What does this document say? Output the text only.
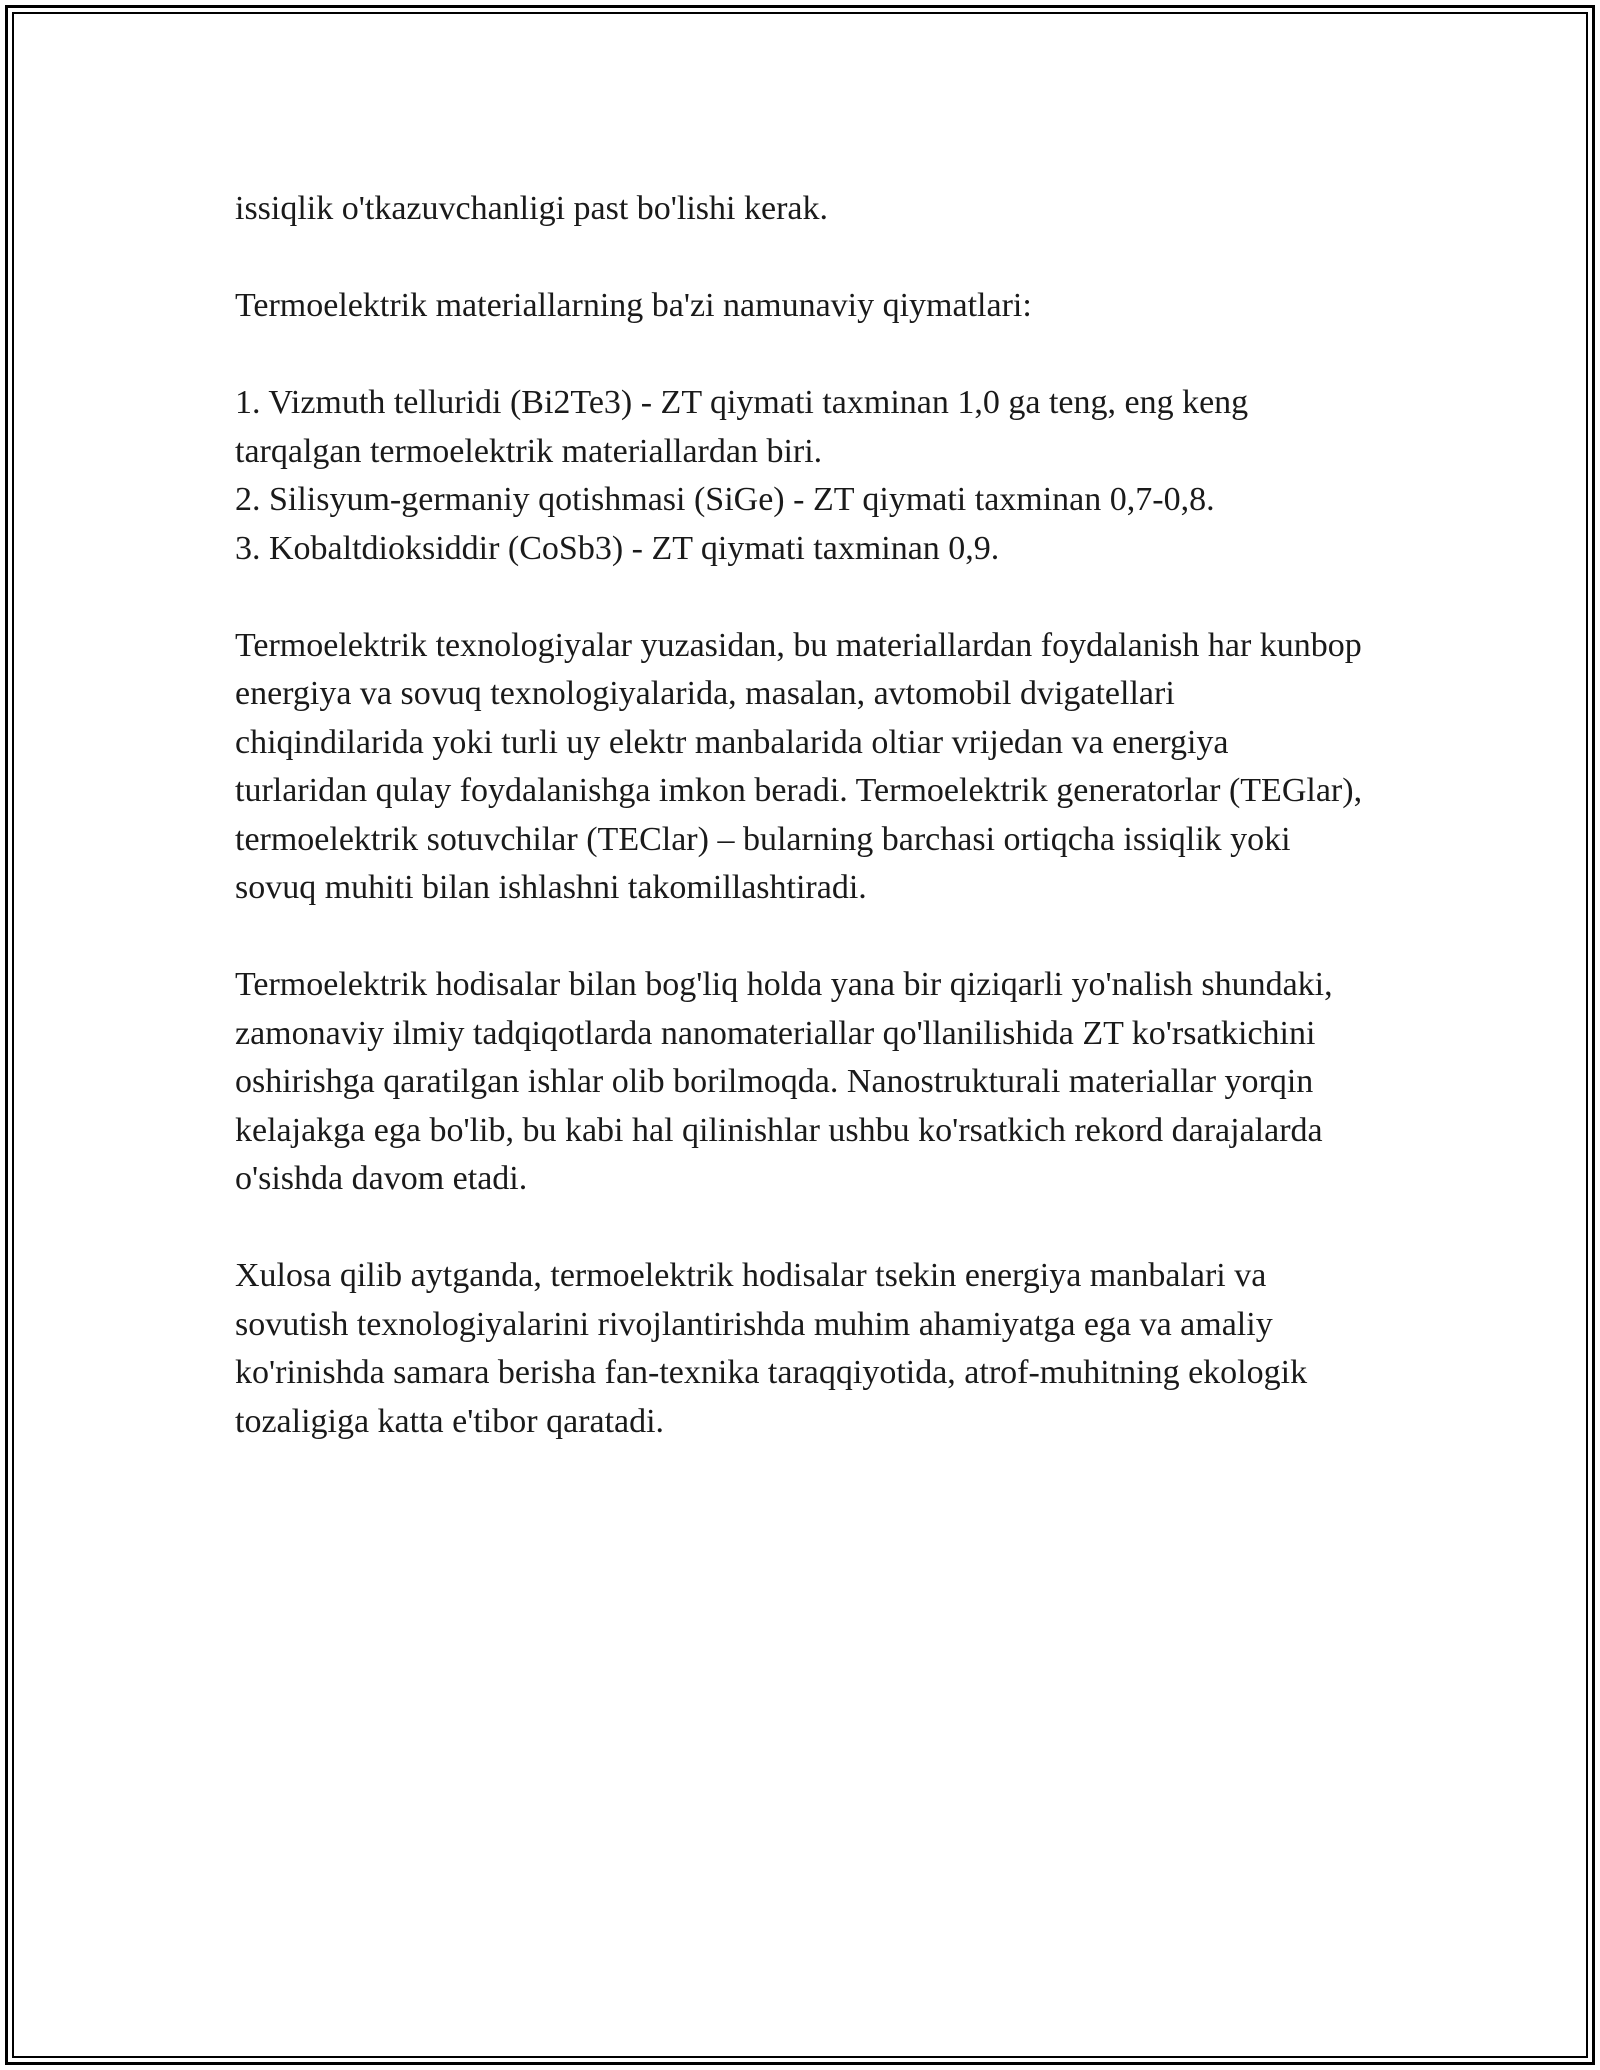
issiqlik o'tkazuvchanligi past bo'lishi kerak.

Termoelektrik materiallarning ba'zi namunaviy qiymatlari:

1. Vizmuth telluridi (Bi2Te3) - ZT qiymati taxminan 1,0 ga teng, eng keng tarqalgan termoelektrik materiallardan biri.

2. Silisyum-germaniy qotishmasi (SiGe) - ZT qiymati taxminan 0,7-0,8.

3. Kobaltdioksiddir (CoSb3) - ZT qiymati taxminan 0,9.

Termoelektrik texnologiyalar yuzasidan, bu materiallardan foydalanish har kunbop energiya va sovuq texnologiyalarida, masalan, avtomobil dvigatellari chiqindilarida yoki turli uy elektr manbalarida oltiar vrijedan va energiya turlaridan qulay foydalanishga imkon beradi. Termoelektrik generatorlar (TEGlar), termoelektrik sotuvchilar (TEClar) – bularning barchasi ortiqcha issiqlik yoki sovuq muhiti bilan ishlashni takomillashtiradi.

Termoelektrik hodisalar bilan bog'liq holda yana bir qiziqarli yo'nalish shundaki, zamonaviy ilmiy tadqiqotlarda nanomateriallar qo'llanilishida ZT ko'rsatkichini oshirishga qaratilgan ishlar olib borilmoqda. Nanostrukturali materiallar yorqin kelajakga ega bo'lib, bu kabi hal qilinishlar ushbu ko'rsatkich rekord darajalarda o'sishda davom etadi.

Xulosa qilib aytganda, termoelektrik hodisalar tsekin energiya manbalari va sovutish texnologiyalarini rivojlantirishda muhim ahamiyatga ega va amaliy ko'rinishda samara berisha fan-texnika taraqqiyotida, atrof-muhitning ekologik tozaligiga katta e'tibor qaratadi.
